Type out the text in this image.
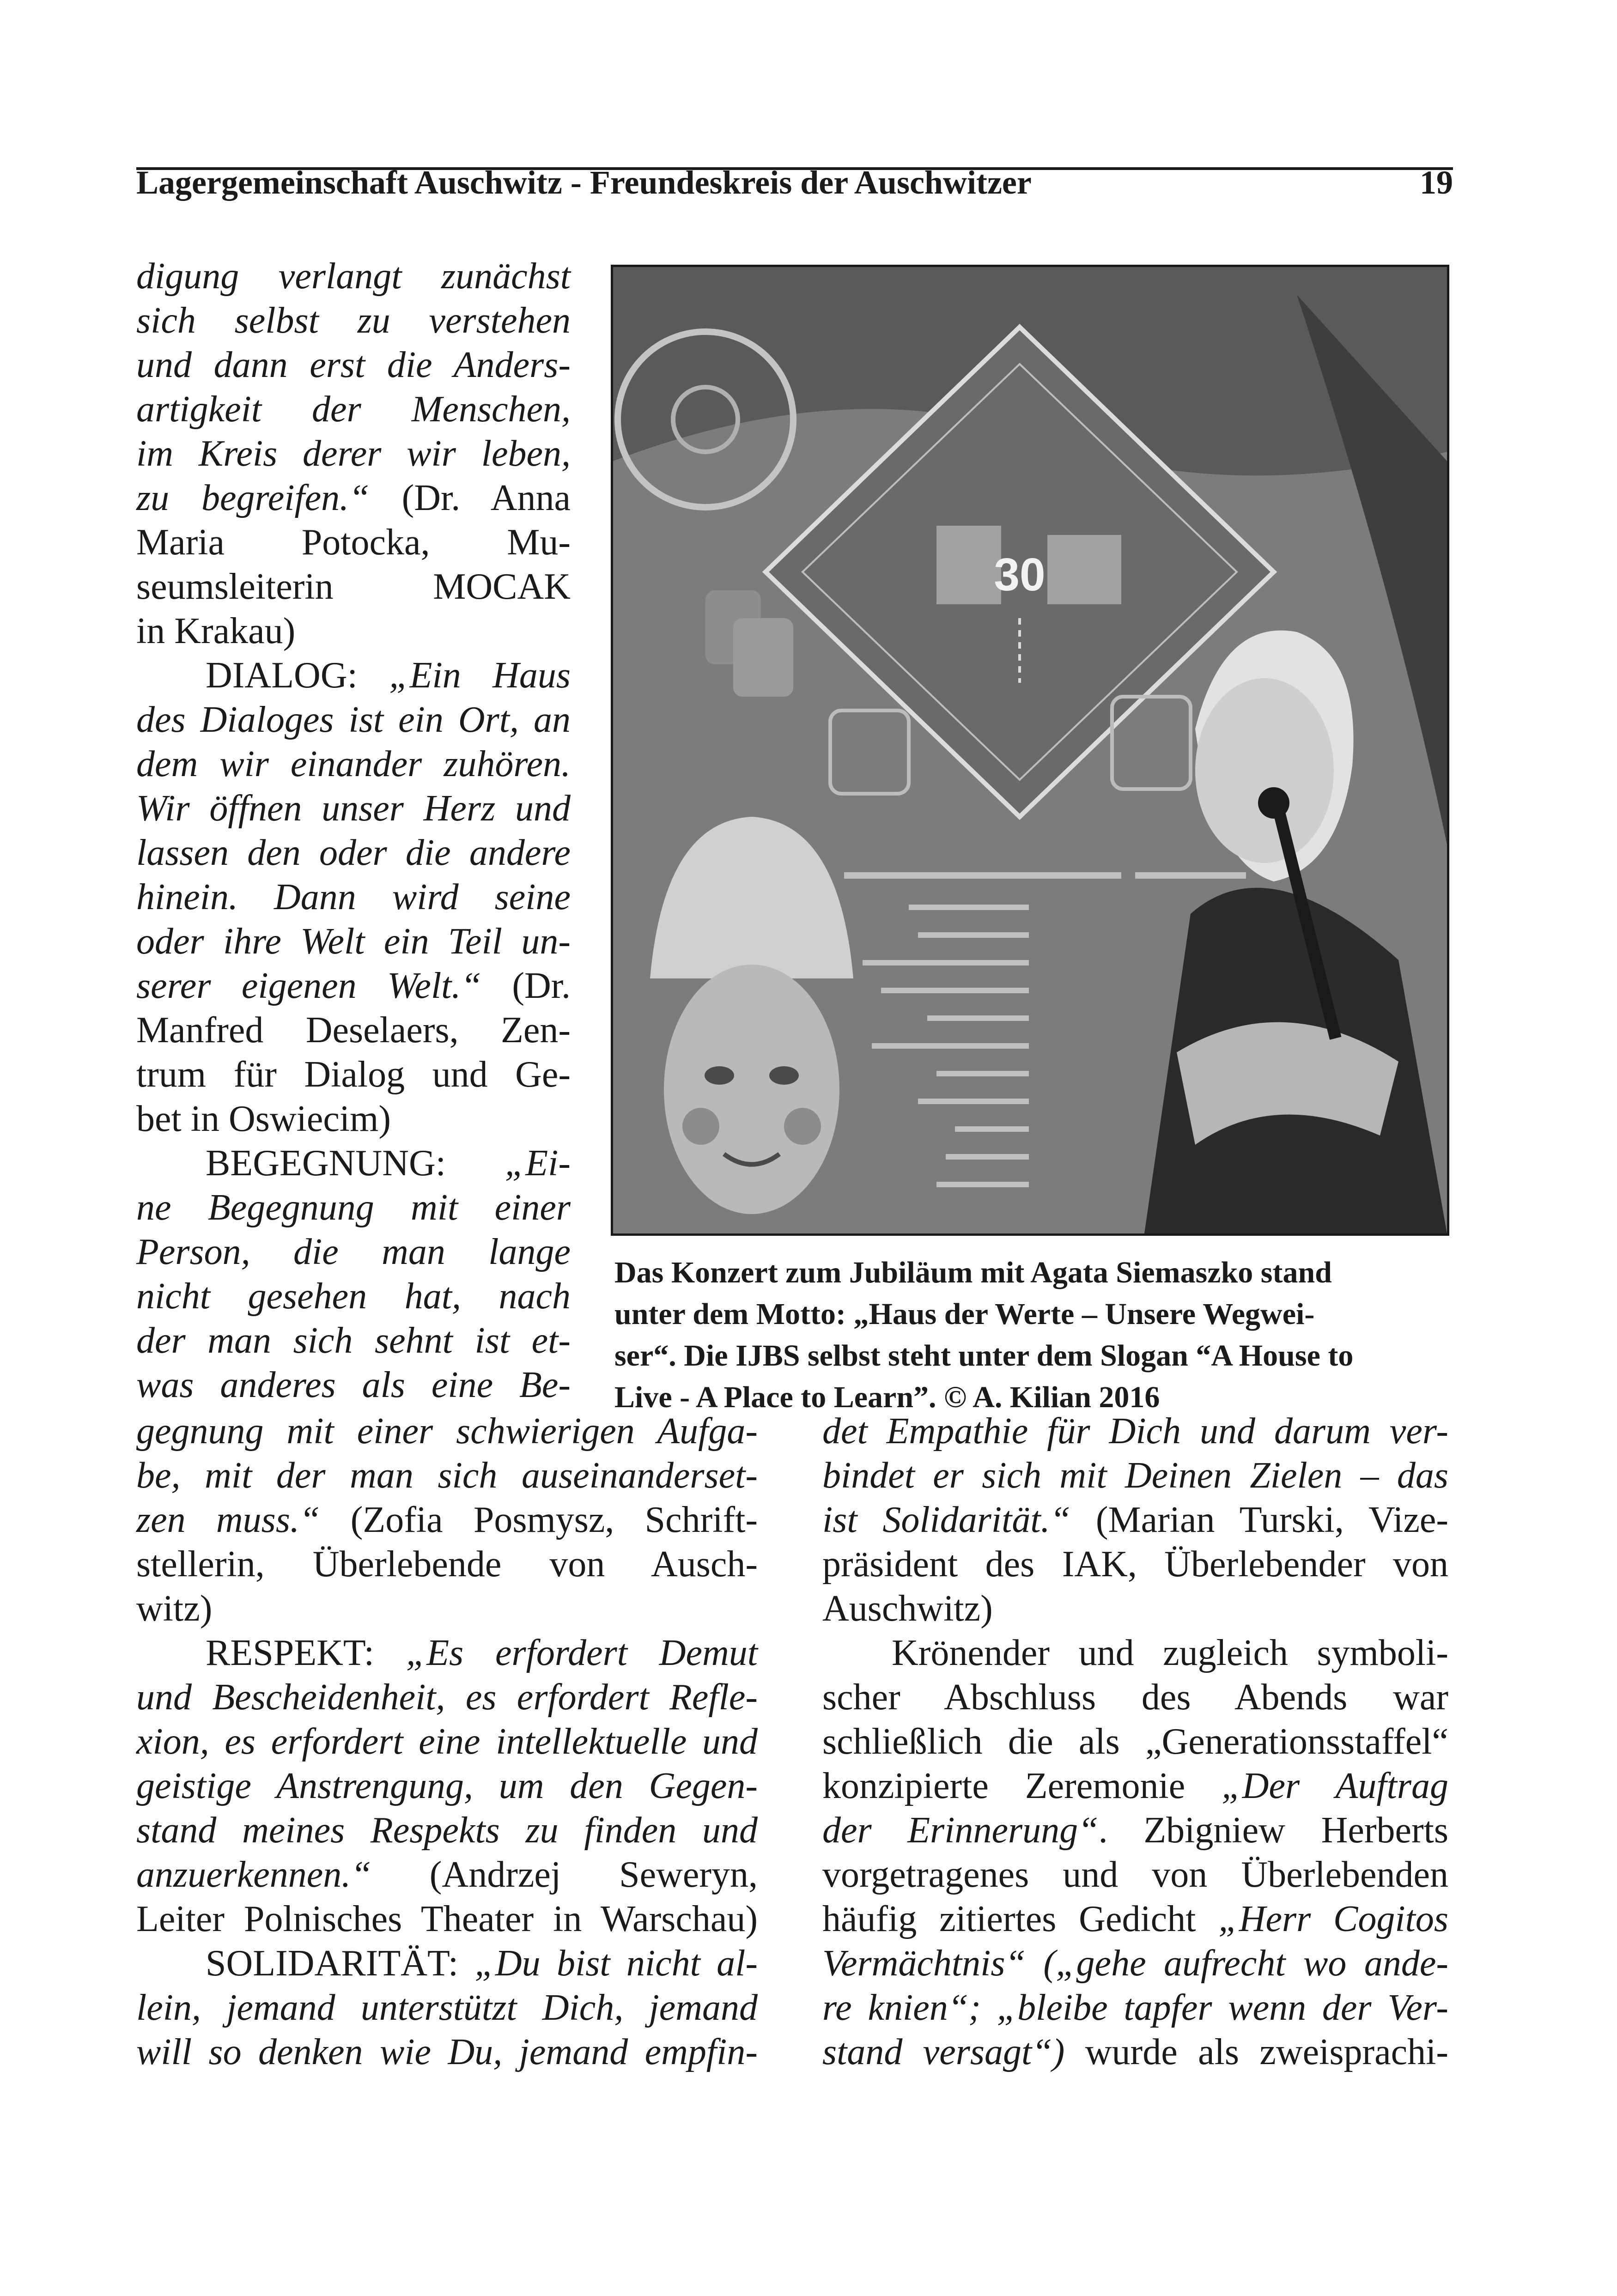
Lagergemeinschaft Auschwitz - Freundeskreis der Auschwitzer	19
digung verlangt zunächst
sich selbst zu verstehen
und dann erst die Anders-
artigkeit der Menschen,
im Kreis derer wir leben,
zu begreifen.“ (Dr. Anna
Maria Potocka, Mu-
seumsleiterin MOCAK
in Krakau)
DIALOG: „Ein Haus
des Dialoges ist ein Ort, an
dem wir einander zuhören.
Wir öffnen unser Herz und
lassen den oder die andere
hinein. Dann wird seine
oder ihre Welt ein Teil un-
serer eigenen Welt.“ (Dr.
Manfred Deselaers, Zen-
trum für Dialog und Ge-
bet in Oswiecim)
BEGEGNUNG: „Ei-
ne Begegnung mit einer
Person, die man lange
nicht gesehen hat, nach
der man sich sehnt ist et-
was anderes als eine Be-
gegnung mit einer schwierigen Aufga-
be, mit der man sich auseinanderset-
zen muss.“ (Zofia Posmysz, Schrift-
stellerin, Überlebende von Ausch-
witz)
RESPEKT: „Es erfordert Demut
und Bescheidenheit, es erfordert Refle-
xion, es erfordert eine intellektuelle und
geistige Anstrengung, um den Gegen-
stand meines Respekts zu finden und
anzuerkennen.“ (Andrzej Seweryn,
Leiter Polnisches Theater in Warschau)
SOLIDARITÄT: „Du bist nicht al-
lein, jemand unterstützt Dich, jemand
will so denken wie Du, jemand empfin-
det Empathie für Dich und darum ver-
bindet er sich mit Deinen Zielen – das
ist Solidarität.“ (Marian Turski, Vize-
präsident des IAK, Überlebender von
Auschwitz)
Krönender und zugleich symboli-
scher Abschluss des Abends war
schließlich die als „Generationsstaffel“
konzipierte Zeremonie „Der Auftrag
der Erinnerung“. Zbigniew Herberts
vorgetragenes und von Überlebenden
häufig zitiertes Gedicht „Herr Cogitos
Vermächtnis“ („gehe aufrecht wo ande-
re knien“; „bleibe tapfer wenn der Ver-
stand versagt“) wurde als zweisprachi-
30
Das Konzert zum Jubiläum mit Agata Siemaszko stand
unter dem Motto: „Haus der Werte – Unsere Wegwei-
ser“. Die IJBS selbst steht unter dem Slogan “A House to
Live - A Place to Learn”. © A. Kilian 2016
